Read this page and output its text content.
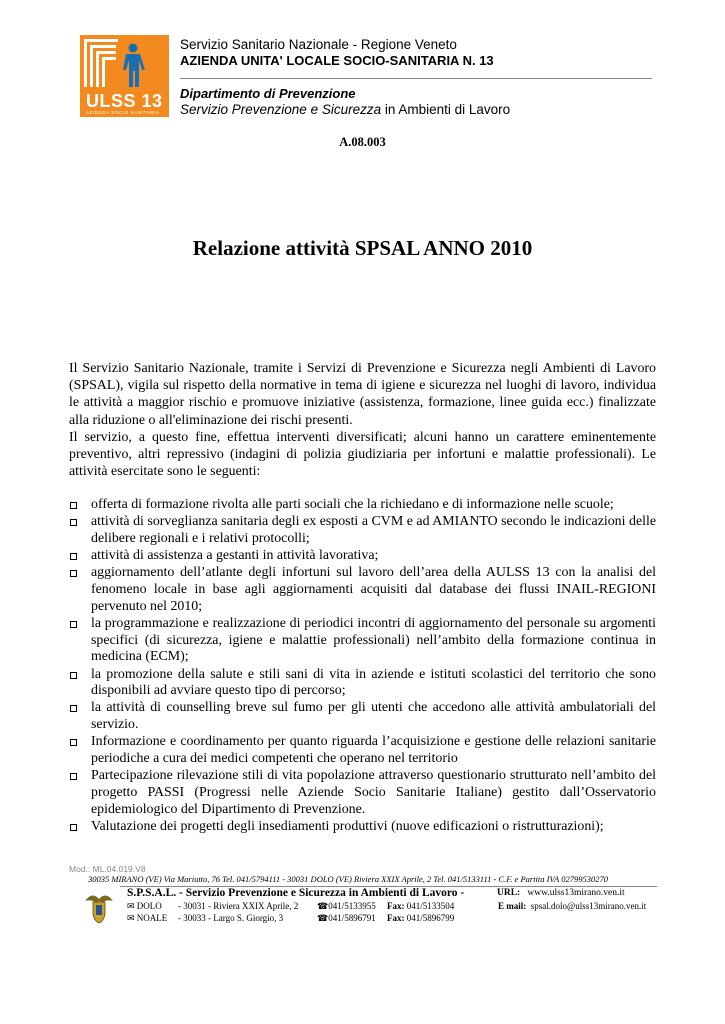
ULSS 13
AZIENDA SOCIO SANITARIA
Servizio Sanitario Nazionale - Regione Veneto
AZIENDA UNITA' LOCALE SOCIO-SANITARIA N. 13
Dipartimento di Prevenzione
Servizio Prevenzione e Sicurezza in Ambienti di Lavoro
A.08.003
Relazione attività SPSAL ANNO 2010

Il Servizio Sanitario Nazionale, tramite i Servizi di Prevenzione e Sicurezza negli Ambienti di Lavoro (SPSAL), vigila sul rispetto della normative in tema di igiene e sicurezza nel luoghi di lavoro, individua le attività a maggior rischio e promuove iniziative (assistenza, formazione, linee guida ecc.) finalizzate alla riduzione o all'eliminazione dei rischi presenti.

Il servizio, a questo fine, effettua interventi diversificati; alcuni hanno un carattere eminentemente preventivo, altri repressivo (indagini di polizia giudiziaria per infortuni e malattie professionali). Le attività esercitate sono le seguenti:

offerta di formazione rivolta alle parti sociali che la richiedano e di informazione nelle scuole;
attività di sorveglianza sanitaria degli ex esposti a CVM e ad AMIANTO secondo le indicazioni delle delibere regionali e i relativi protocolli;
attività di assistenza a gestanti in attività lavorativa;
aggiornamento dell’atlante degli infortuni sul lavoro dell’area della AULSS 13 con la analisi del fenomeno locale in base agli aggiornamenti acquisiti dal database dei flussi INAIL-REGIONI pervenuto nel 2010;
la programmazione e realizzazione di periodici incontri di aggiornamento del personale su argomenti specifici (di sicurezza, igiene e malattie professionali) nell’ambito della formazione continua in medicina (ECM);
la promozione della salute e stili sani di vita in aziende e istituti scolastici del territorio che sono disponibili ad avviare questo tipo di percorso;
la attività di counselling breve sul fumo per gli utenti che accedono alle attività ambulatoriali del servizio.
Informazione e coordinamento per quanto riguarda l’acquisizione e gestione delle relazioni sanitarie periodiche a cura dei medici competenti che operano nel territorio
Partecipazione rilevazione stili di vita popolazione attraverso questionario strutturato nell’ambito del progetto PASSI (Progressi nelle Aziende Socio Sanitarie Italiane) gestito dall’Osservatorio epidemiologico del Dipartimento di Prevenzione.
Valutazione dei progetti degli insediamenti produttivi (nuove edificazioni o ristrutturazioni);
Mod.: ML.04.019.V8
30035 MIRANO (VE) Via Mariutto, 76 Tel. 041/5794111 - 30031 DOLO (VE) Riviera XXIX Aprile, 2 Tel. 041/5133111 - C.F. e Partita IVA 02799530270
S.P.S.A.L. - Servizio Prevenzione e Sicurezza in Ambienti di Lavoro -	URL: www.ulss13mirano.ven.it
✉ DOLO - 30031 - Riviera XXIX Aprile, 2 ☎041/5133955 Fax: 041/5133504	E mail: spsal.dolo@ulss13mirano.ven.it
✉ NOALE - 30033 - Largo S. Giorgio, 3	☎041/5896791 Fax: 041/5896799
